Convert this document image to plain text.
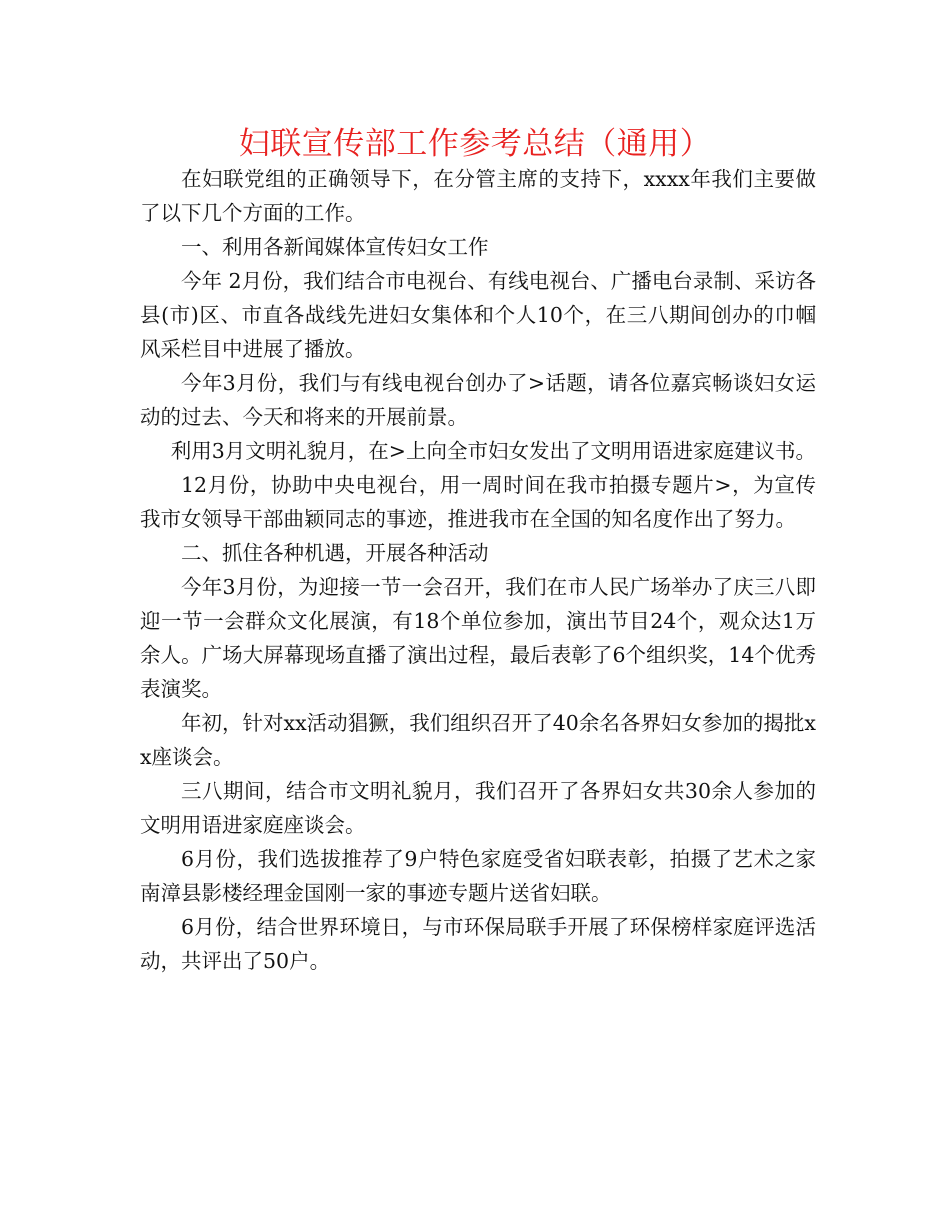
妇联宣传部工作参考总结（通用）

在妇联党组的正确领导下，在分管主席的支持下，xxxx年我们主要做了以下几个方面的工作。

一、利用各新闻媒体宣传妇女工作

今年 2月份，我们结合市电视台、有线电视台、广播电台录制、采访各县(市)区、市直各战线先进妇女集体和个人10个，在三八期间创办的巾帼风采栏目中进展了播放。

今年3月份，我们与有线电视台创办了>话题，请各位嘉宾畅谈妇女运动的过去、今天和将来的开展前景。

利用3月文明礼貌月，在>上向全市妇女发出了文明用语进家庭建议书。

12月份，协助中央电视台，用一周时间在我市拍摄专题片>，为宣传我市女领导干部曲颖同志的事迹，推进我市在全国的知名度作出了努力。

二、抓住各种机遇，开展各种活动

今年3月份，为迎接一节一会召开，我们在市人民广场举办了庆三八即迎一节一会群众文化展演，有18个单位参加，演出节目24个，观众达1万余人。广场大屏幕现场直播了演出过程，最后表彰了6个组织奖，14个优秀表演奖。

年初，针对xx活动猖獗，我们组织召开了40余名各界妇女参加的揭批xx座谈会。

三八期间，结合市文明礼貌月，我们召开了各界妇女共30余人参加的文明用语进家庭座谈会。

6月份，我们选拔推荐了9户特色家庭受省妇联表彰，拍摄了艺术之家南漳县影楼经理金国刚一家的事迹专题片送省妇联。

6月份，结合世界环境日，与市环保局联手开展了环保榜样家庭评选活动，共评出了50户。
